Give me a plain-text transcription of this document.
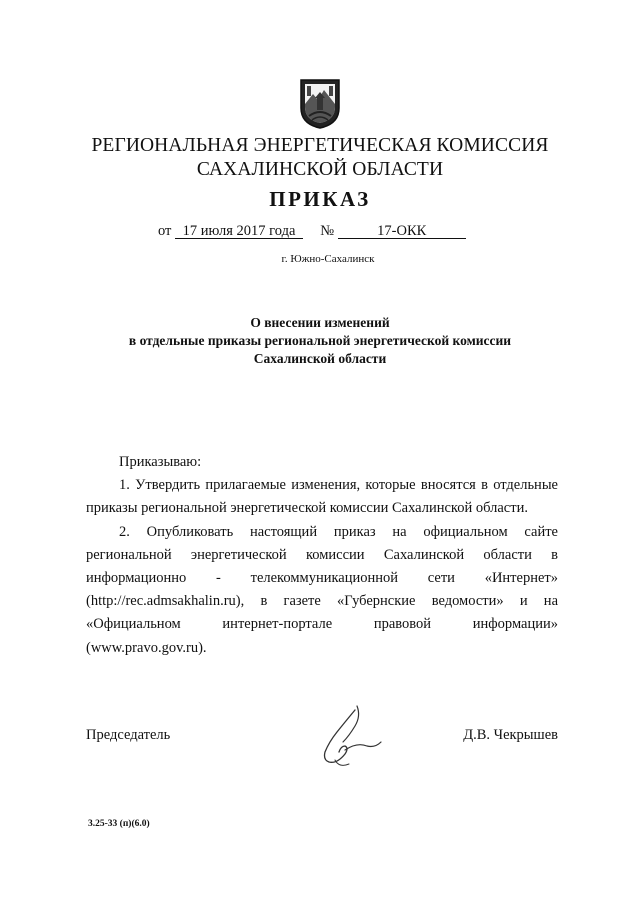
РЕГИОНАЛЬНАЯ ЭНЕРГЕТИЧЕСКАЯ КОМИССИЯ
САХАЛИНСКОЙ ОБЛАСТИ
ПРИКАЗ
от 17 июля 2017 года №	17-ОКК
г. Южно-Сахалинск
О внесении изменений
в отдельные приказы региональной энергетической комиссии
Сахалинской области

Приказываю:

1. Утвердить прилагаемые изменения, которые вносятся в отдельные приказы региональной энергетической комиссии Сахалинской области.

2. Опубликовать настоящий приказ на официальном сайте региональной энергетической комиссии Сахалинской области в информационно - телекоммуникационной сети «Интернет» (http://rec.admsakhalin.ru), в газете «Губернские ведомости» и на «Официальном интернет-портале правовой информации» (www.pravo.gov.ru).

Председатель	Д.В. Чекрышев
3.25-33 (п)(6.0)
